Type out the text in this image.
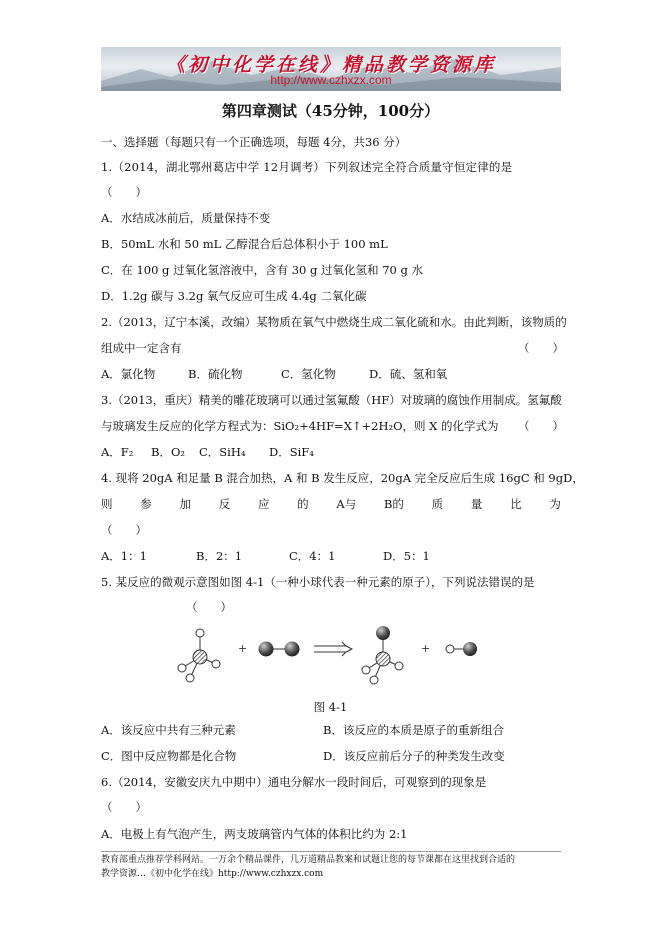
《初中化学在线》精品教学资源库
http://www.czhxzx.com
第四章测试（45分钟，100分）
一、选择题（每题只有一个正确选项，每题 4分，共36 分）
1.（2014，湖北鄂州葛店中学 12月调考）下列叙述完全符合质量守恒定律的是
（　　）
A．水结成冰前后，质量保持不变
B．50mL 水和 50 mL 乙醇混合后总体积小于 100 mL
C．在 100 g 过氧化氢溶液中，含有 30 g 过氧化氢和 70 g 水
D．1.2g 碳与 3.2g 氧气反应可生成 4.4g 二氧化碳
2.（2013，辽宁本溪，改编）某物质在氧气中燃烧生成二氧化硫和水。由此判断，该物质的
组成中一定含有	（　　）
A．氯化物	B．硫化物	C．氢化物	D．硫、氢和氧
3.（2013，重庆）精美的雕花玻璃可以通过氢氟酸（HF）对玻璃的腐蚀作用制成。氢氟酸
与玻璃发生反应的化学方程式为：SiO₂+4HF=X↑+2H₂O，则 X 的化学式为 （　　）
A．F₂ B．O₂ C．SiH₄ D．SiF₄
4. 现将 20gA 和足量 B 混合加热，A 和 B 发生反应，20gA 完全反应后生成 16gC 和 9gD，
则 参 加 反 应 的 A与 B的 质 量 比 为
（　　）
A．1：1	B．2：1	C．4：1	D．5：1
5. 某反应的微观示意图如图 4-1（一种小球代表一种元素的原子），下列说法错误的是
（　　）
+	+
图 4-1
A．该反应中共有三种元素	B．该反应的本质是原子的重新组合
C．图中反应物都是化合物	D．该反应前后分子的种类发生改变
6.（2014，安徽安庆九中期中）通电分解水一段时间后，可观察到的现象是
（　　）
A．电极上有气泡产生，两支玻璃管内气体的体积比约为 2:1
教育部重点推荐学科网站。一万余个精品课件，几万道精品教案和试题让您的每节课都在这里找到合适的
教学资源…《初中化学在线》http://www.czhxzx.com
